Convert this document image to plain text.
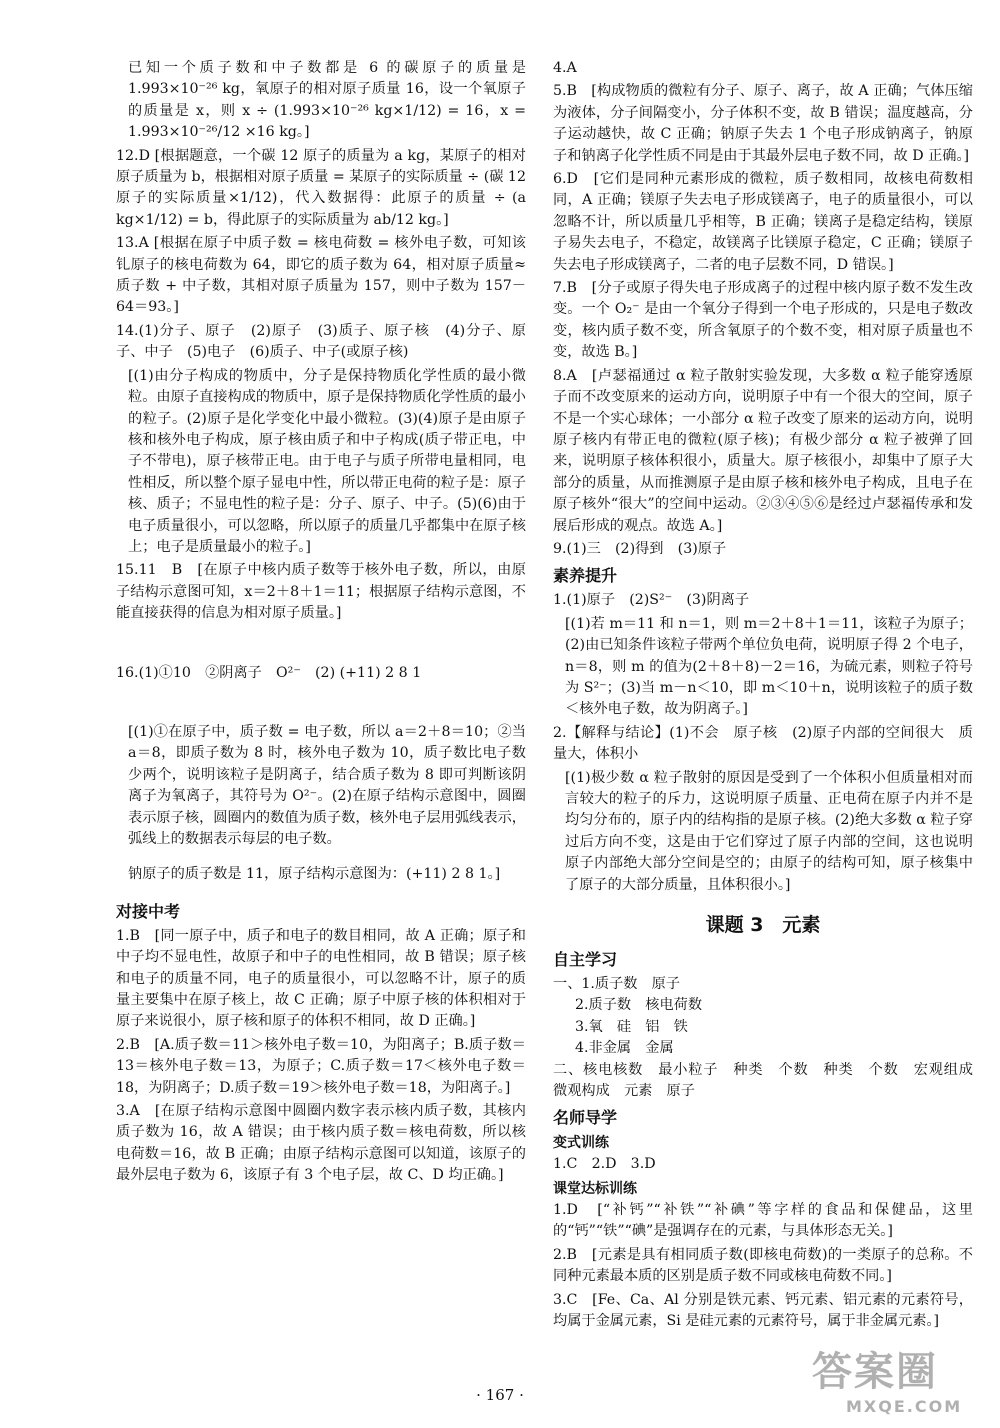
已知一个质子数和中子数都是 6 的碳原子的质量是 1.993×10⁻²⁶ kg，氧原子的相对原子质量 16，设一个氧原子的质量是 x，则 x ÷ (1.993×10⁻²⁶ kg×1/12) = 16，x = 1.993×10⁻²⁶/12 ×16 kg。]

12.D [根据题意，一个碳 12 原子的质量为 a kg，某原子的相对原子质量为 b，根据相对原子质量 = 某原子的实际质量 ÷ (碳 12 原子的实际质量×1/12)，代入数据得：此原子的质量 ÷ (a kg×1/12) = b，得此原子的实际质量为 ab/12 kg。]

13.A [根据在原子中质子数 = 核电荷数 = 核外电子数，可知该钆原子的核电荷数为 64，即它的质子数为 64，相对原子质量≈质子数 + 中子数，其相对原子质量为 157，则中子数为 157－64＝93。]

14.(1)分子、原子　(2)原子　(3)质子、原子核　(4)分子、原子、中子　(5)电子　(6)质子、中子(或原子核)

[(1)由分子构成的物质中，分子是保持物质化学性质的最小微粒。由原子直接构成的物质中，原子是保持物质化学性质的最小的粒子。(2)原子是化学变化中最小微粒。(3)(4)原子是由原子核和核外电子构成，原子核由质子和中子构成(质子带正电，中子不带电)，原子核带正电。由于电子与质子所带电量相同，电性相反，所以整个原子显电中性，所以带正电荷的粒子是：原子核、质子；不显电性的粒子是：分子、原子、中子。(5)(6)由于电子质量很小，可以忽略，所以原子的质量几乎都集中在原子核上；电子是质量最小的粒子。]

15.11　B　[在原子中核内质子数等于核外电子数，所以，由原子结构示意图可知，x＝2＋8＋1＝11；根据原子结构示意图，不能直接获得的信息为相对原子质量。]

16.(1)①10　②阴离子　O²⁻　(2) (+11) 2 8 1

[(1)①在原子中，质子数 = 电子数，所以 a＝2＋8＝10；②当 a＝8，即质子数为 8 时，核外电子数为 10，质子数比电子数少两个，说明该粒子是阴离子，结合质子数为 8 即可判断该阴离子为氧离子，其符号为 O²⁻。(2)在原子结构示意图中，圆圈表示原子核，圆圈内的数值为质子数，核外电子层用弧线表示，弧线上的数据表示每层的电子数。

钠原子的质子数是 11，原子结构示意图为：(+11) 2 8 1。]

对接中考

1.B　[同一原子中，质子和电子的数目相同，故 A 正确；原子和中子均不显电性，故原子和中子的电性相同，故 B 错误；原子核和电子的质量不同，电子的质量很小，可以忽略不计，原子的质量主要集中在原子核上，故 C 正确；原子中原子核的体积相对于原子来说很小，原子核和原子的体积不相同，故 D 正确。]

2.B　[A.质子数＝11＞核外电子数＝10，为阳离子；B.质子数＝13＝核外电子数＝13，为原子；C.质子数＝17＜核外电子数＝18，为阴离子；D.质子数＝19＞核外电子数＝18，为阳离子。]

3.A　[在原子结构示意图中圆圈内数字表示核内质子数，其核内质子数为 16，故 A 错误；由于核内质子数＝核电荷数，所以核电荷数＝16，故 B 正确；由原子结构示意图可以知道，该原子的最外层电子数为 6，该原子有 3 个电子层，故 C、D 均正确。]

4.A

5.B　[构成物质的微粒有分子、原子、离子，故 A 正确；气体压缩为液体，分子间隔变小，分子体积不变，故 B 错误；温度越高，分子运动越快，故 C 正确；钠原子失去 1 个电子形成钠离子，钠原子和钠离子化学性质不同是由于其最外层电子数不同，故 D 正确。]

6.D　[它们是同种元素形成的微粒，质子数相同，故核电荷数相同，A 正确；镁原子失去电子形成镁离子，电子的质量很小，可以忽略不计，所以质量几乎相等，B 正确；镁离子是稳定结构，镁原子易失去电子，不稳定，故镁离子比镁原子稳定，C 正确；镁原子失去电子形成镁离子，二者的电子层数不同，D 错误。]

7.B　[分子或原子得失电子形成离子的过程中核内原子数不发生改变。一个 O₂⁻ 是由一个氧分子得到一个电子形成的，只是电子数改变，核内质子数不变，所含氧原子的个数不变，相对原子质量也不变，故选 B。]

8.A　[卢瑟福通过 α 粒子散射实验发现，大多数 α 粒子能穿透原子而不改变原来的运动方向，说明原子中有一个很大的空间，原子不是一个实心球体；一小部分 α 粒子改变了原来的运动方向，说明原子核内有带正电的微粒(原子核)；有极少部分 α 粒子被弹了回来，说明原子核体积很小，质量大。原子核很小，却集中了原子大部分的质量，从而推测原子是由原子核和核外电子构成，且电子在原子核外“很大”的空间中运动。②③④⑤⑥是经过卢瑟福传承和发展后形成的观点。故选 A。]

9.(1)三　(2)得到　(3)原子

素养提升

1.(1)原子　(2)S²⁻　(3)阴离子

[(1)若 m＝11 和 n＝1，则 m＝2＋8＋1＝11，该粒子为原子；(2)由已知条件该粒子带两个单位负电荷，说明原子得 2 个电子，n＝8，则 m 的值为(2＋8＋8)－2＝16，为硫元素，则粒子符号为 S²⁻；(3)当 m－n＜10，即 m＜10＋n，说明该粒子的质子数＜核外电子数，故为阴离子。]

2.【解释与结论】(1)不会　原子核　(2)原子内部的空间很大　质量大，体积小

[(1)极少数 α 粒子散射的原因是受到了一个体积小但质量相对而言较大的粒子的斥力，这说明原子质量、正电荷在原子内并不是均匀分布的，原子内的结构指的是原子核。(2)绝大多数 α 粒子穿过后方向不变，这是由于它们穿过了原子内部的空间，这也说明原子内部绝大部分空间是空的；由原子的结构可知，原子核集中了原子的大部分质量，且体积很小。]

课题 3　元素
自主学习

一、1.质子数　原子

2.质子数　核电荷数

3.氧　硅　铝　铁

4.非金属　金属

二、核电核数　最小粒子　种类　个数　种类　个数　宏观组成　微观构成　元素　原子

名师导学
变式训练

1.C　2.D　3.D

课堂达标训练

1.D　[“补钙”“补铁”“补碘”等字样的食品和保健品，这里的“钙”“铁”“碘”是强调存在的元素，与具体形态无关。]

2.B　[元素是具有相同质子数(即核电荷数)的一类原子的总称。不同种元素最本质的区别是质子数不同或核电荷数不同。]

3.C　[Fe、Ca、Al 分别是铁元素、钙元素、铝元素的元素符号，均属于金属元素，Si 是硅元素的元素符号，属于非金属元素。]

· 167 ·	答案圈
MXQE.COM
